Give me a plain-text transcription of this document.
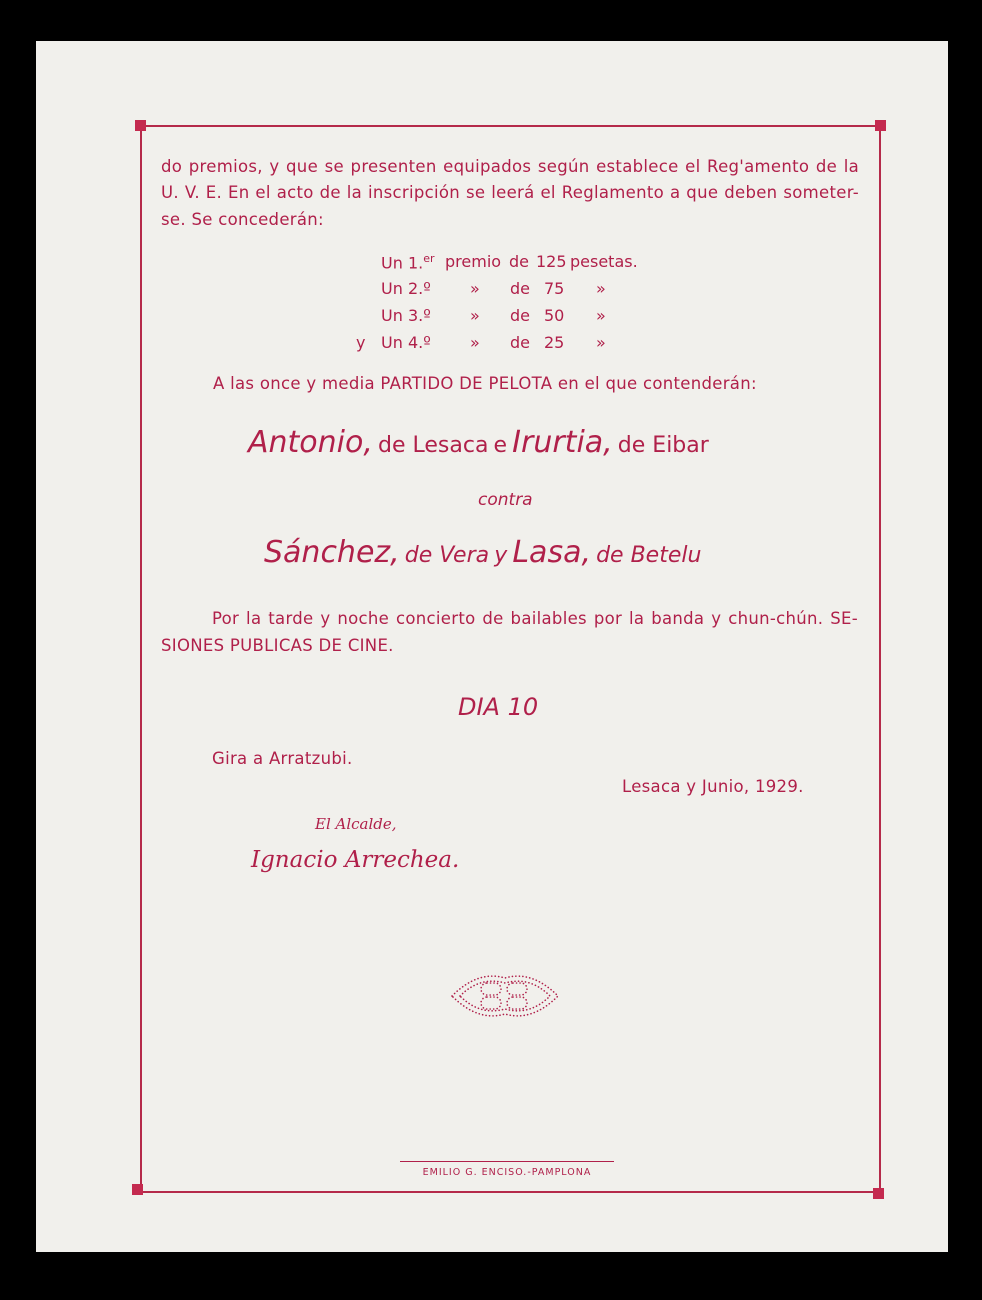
do premios, y que se presenten equipados según establece el Reg'amento de la
U. V. E. En el acto de la inscripción se leerá el Reglamento a que deben someter-
se. Se concederán:
Un 1.$^{er}$ premio de 125 pesetas.
Un 2.º » de 75 »
Un 3.º » de 50 »
y Un 4.º » de 25 »
A las once y media PARTIDO DE PELOTA en el que contenderán:
Antonio, de Lesaca e Irurtia, de Eibar
contra
Sánchez, de Vera y Lasa, de Betelu
Por la tarde y noche concierto de bailables por la banda y chun-chún. SE-
SIONES PUBLICAS DE CINE.
DIA 10
Gira a Arratzubi.
Lesaca y Junio, 1929.
El Alcalde,
Ignacio Arrechea.
EMILIO G. ENCISO.-PAMPLONA
